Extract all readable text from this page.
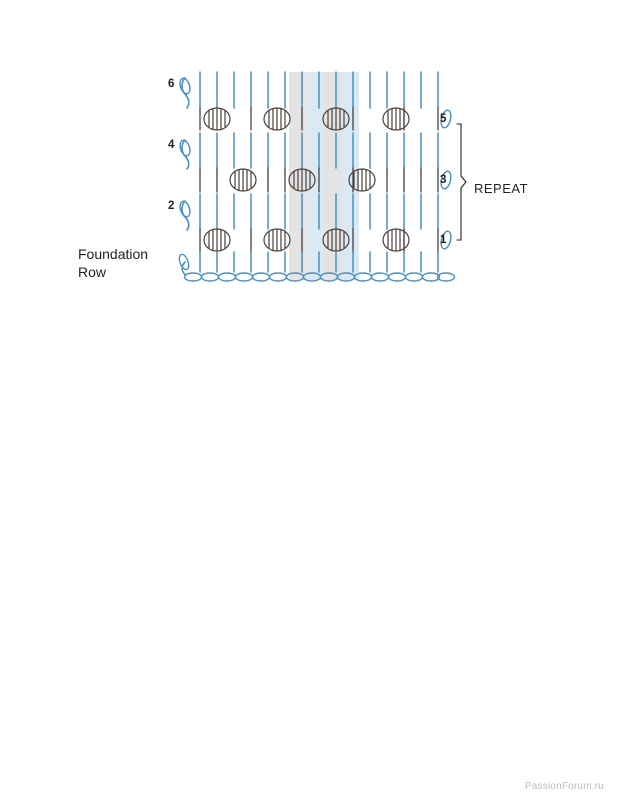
6
4
2
5
3
1
Foundation
Row
REPEAT
PassionForum.ru
